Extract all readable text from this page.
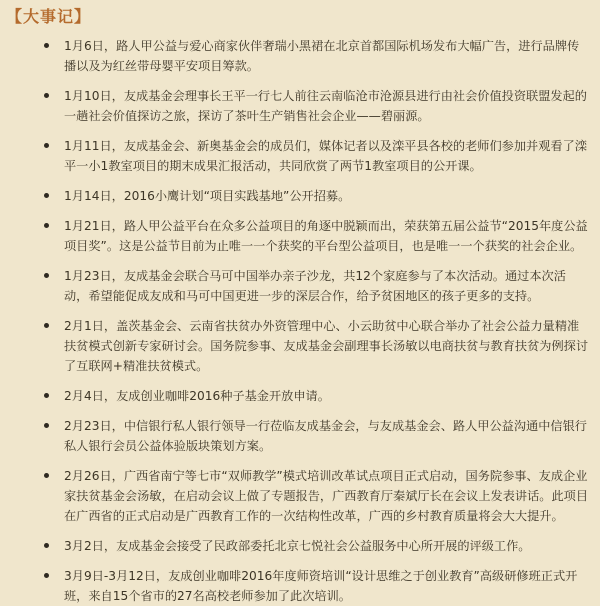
【大事记】
1月6日，路人甲公益与爱心商家伙伴奢瑞小黑裙在北京首都国际机场发布大幅广告，进行品牌传播以及为红丝带母婴平安项目筹款。
1月10日，友成基金会理事长王平一行七人前往云南临沧市沧源县进行由社会价值投资联盟发起的一趟社会价值探访之旅，探访了茶叶生产销售社会企业——碧丽源。
1月11日，友成基金会、新奥基金会的成员们，媒体记者以及滦平县各校的老师们参加并观看了滦平一小1教室项目的期末成果汇报活动，共同欣赏了两节1教室项目的公开课。
1月14日，2016小鹰计划“项目实践基地”公开招募。
1月21日，路人甲公益平台在众多公益项目的角逐中脱颖而出，荣获第五届公益节“2015年度公益项目奖”。这是公益节目前为止唯一一个获奖的平台型公益项目，也是唯一一个获奖的社会企业。
1月23日，友成基金会联合马可中国举办亲子沙龙，共12个家庭参与了本次活动。通过本次活动，希望能促成友成和马可中国更进一步的深层合作，给予贫困地区的孩子更多的支持。
2月1日，盖茨基金会、云南省扶贫办外资管理中心、小云助贫中心联合举办了社会公益力量精准扶贫模式创新专家研讨会。国务院参事、友成基金会副理事长汤敏以电商扶贫与教育扶贫为例探讨了互联网+精准扶贫模式。
2月4日，友成创业咖啡2016种子基金开放申请。
2月23日，中信银行私人银行领导一行莅临友成基金会，与友成基金会、路人甲公益沟通中信银行私人银行会员公益体验版块策划方案。
2月26日，广西省南宁等七市“双师教学”模式培训改革试点项目正式启动，国务院参事、友成企业家扶贫基金会汤敏，在启动会议上做了专题报告，广西教育厅秦斌厅长在会议上发表讲话。此项目在广西省的正式启动是广西教育工作的一次结构性改革，广西的乡村教育质量将会大大提升。
3月2日，友成基金会接受了民政部委托北京七悦社会公益服务中心所开展的评级工作。
3月9日-3月12日，友成创业咖啡2016年度师资培训“设计思维之于创业教育”高级研修班正式开班，来自15个省市的27名高校老师参加了此次培训。
